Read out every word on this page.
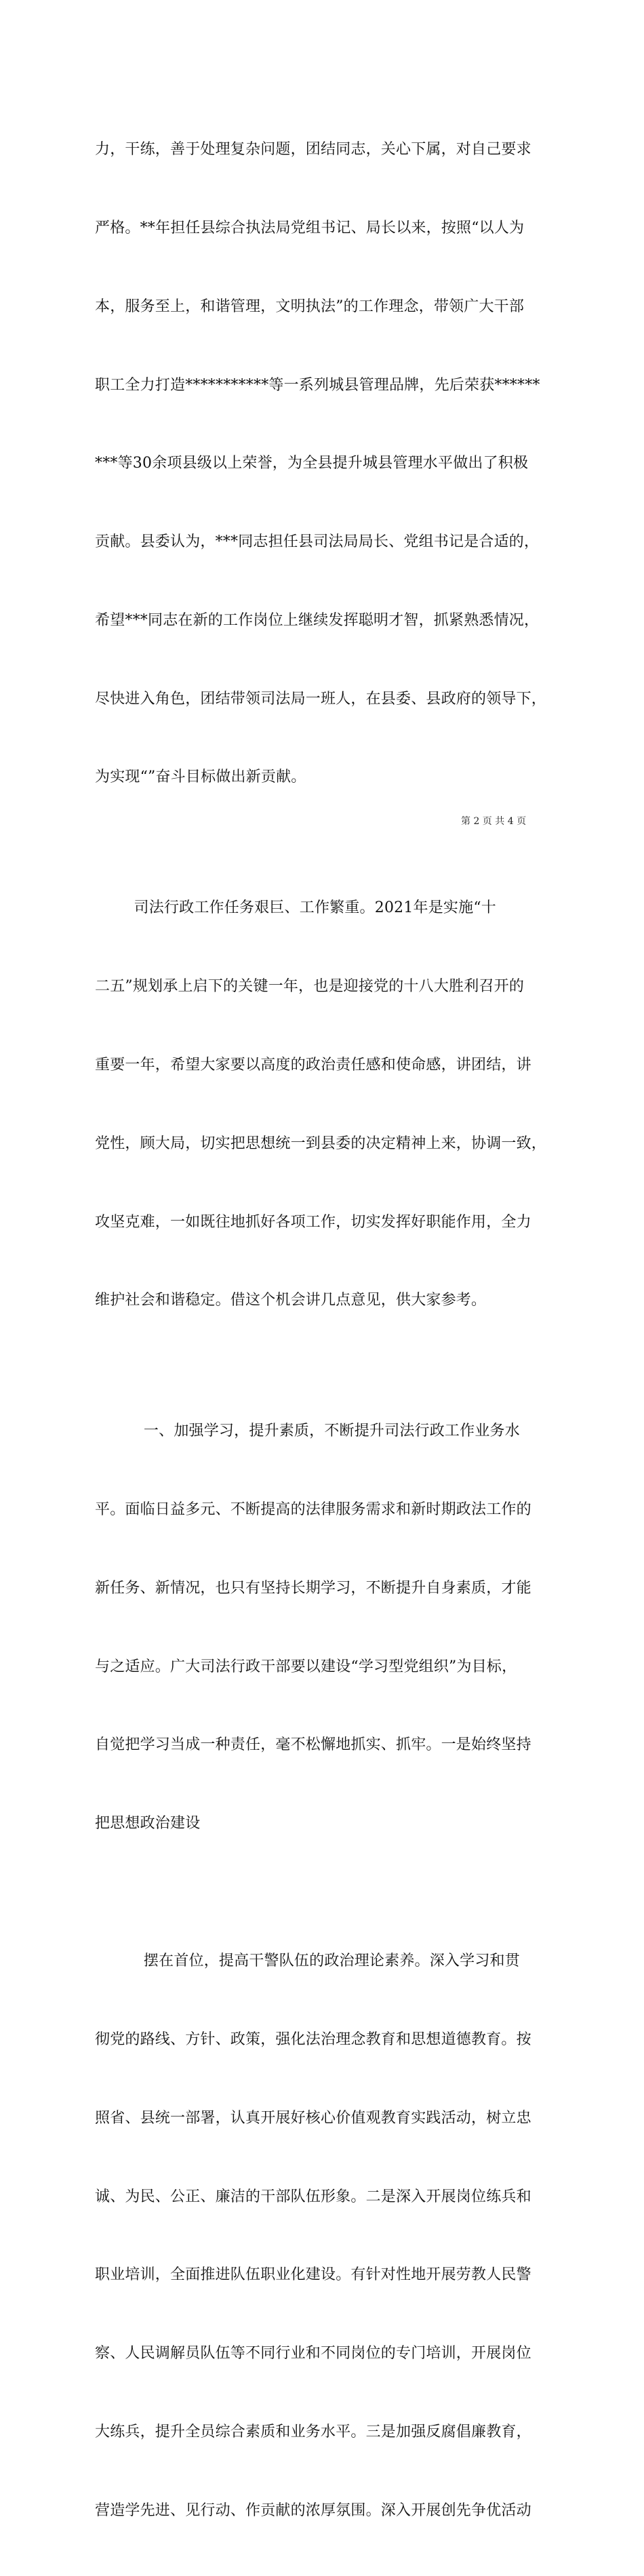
力，干练，善于处理复杂问题，团结同志，关心下属，对自己要求

严格。**年担任县综合执法局党组书记、局长以来，按照“以人为

本，服务至上，和谐管理，文明执法”的工作理念，带领广大干部

职工全力打造***********等一系列城县管理品牌，先后荣获******

***等30余项县级以上荣誉，为全县提升城县管理水平做出了积极

贡献。县委认为，***同志担任县司法局局长、党组书记是合适的，

希望***同志在新的工作岗位上继续发挥聪明才智，抓紧熟悉情况，

尽快进入角色，团结带领司法局一班人，在县委、县政府的领导下，

为实现“”奋斗目标做出新贡献。

司法行政工作任务艰巨、工作繁重。2021年是实施“十

二五”规划承上启下的关键一年，也是迎接党的十八大胜利召开的

重要一年，希望大家要以高度的政治责任感和使命感，讲团结，讲

党性，顾大局，切实把思想统一到县委的决定精神上来，协调一致，

攻坚克难，一如既往地抓好各项工作，切实发挥好职能作用，全力

维护社会和谐稳定。借这个机会讲几点意见，供大家参考。

一、加强学习，提升素质，不断提升司法行政工作业务水

平。面临日益多元、不断提高的法律服务需求和新时期政法工作的

新任务、新情况，也只有坚持长期学习，不断提升自身素质，才能

与之适应。广大司法行政干部要以建设“学习型党组织”为目标，

自觉把学习当成一种责任，毫不松懈地抓实、抓牢。一是始终坚持

把思想政治建设

摆在首位，提高干警队伍的政治理论素养。深入学习和贯

彻党的路线、方针、政策，强化法治理念教育和思想道德教育。按

照省、县统一部署，认真开展好核心价值观教育实践活动，树立忠

诚、为民、公正、廉洁的干部队伍形象。二是深入开展岗位练兵和

职业培训，全面推进队伍职业化建设。有针对性地开展劳教人民警

察、人民调解员队伍等不同行业和不同岗位的专门培训，开展岗位

大练兵，提升全员综合素质和业务水平。三是加强反腐倡廉教育，

营造学先进、见行动、作贡献的浓厚氛围。深入开展创先争优活动

第 2 页 共 4 页
